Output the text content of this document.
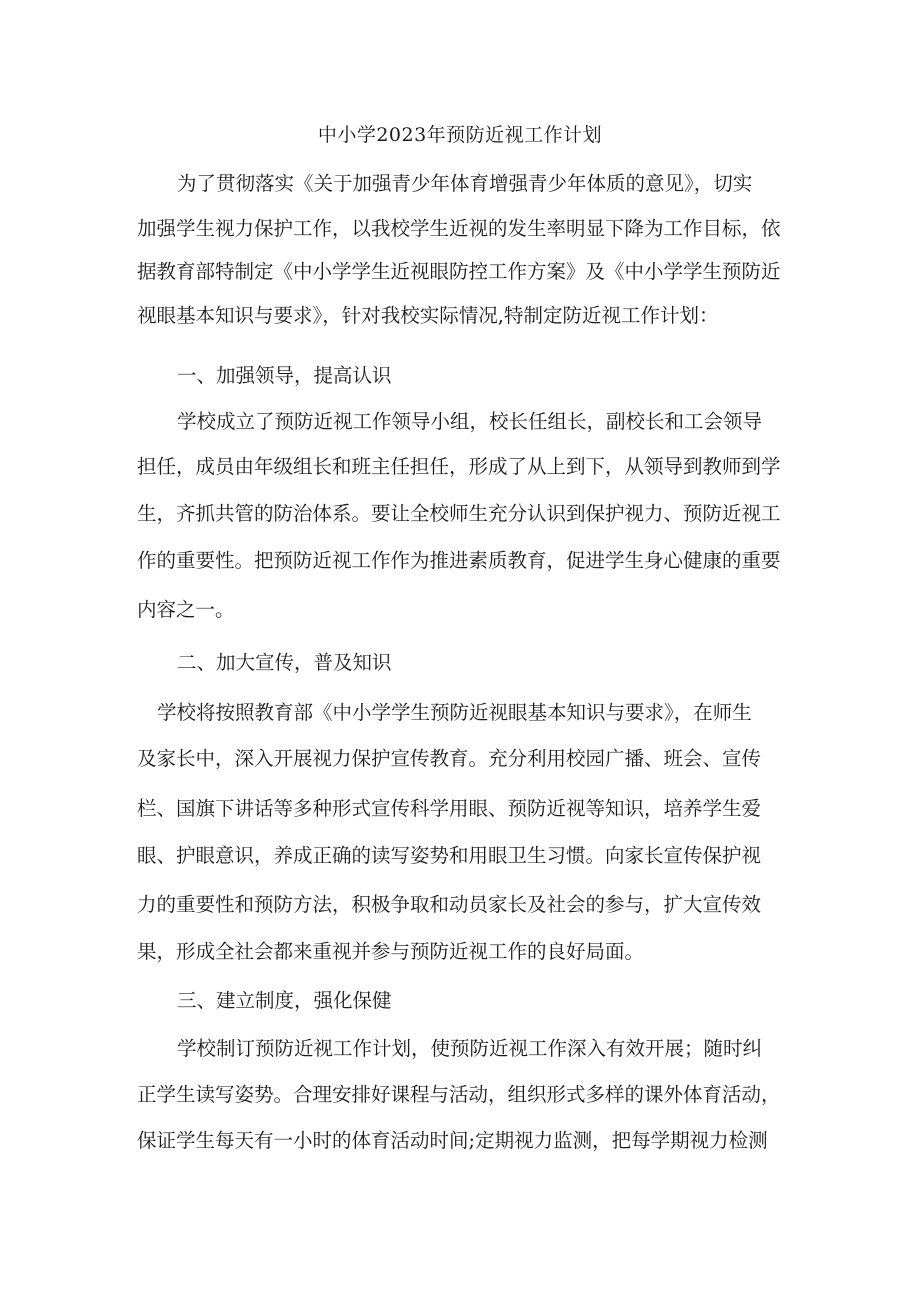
中小学2023年预防近视工作计划
为了贯彻落实《关于加强青少年体育增强青少年体质的意见》，切实
加强学生视力保护工作，以我校学生近视的发生率明显下降为工作目标，依
据教育部特制定《中小学学生近视眼防控工作方案》及《中小学学生预防近
视眼基本知识与要求》，针对我校实际情况,特制定防近视工作计划：
一、加强领导，提高认识
学校成立了预防近视工作领导小组，校长任组长，副校长和工会领导
担任，成员由年级组长和班主任担任，形成了从上到下，从领导到教师到学
生，齐抓共管的防治体系。要让全校师生充分认识到保护视力、预防近视工
作的重要性。把预防近视工作作为推进素质教育，促进学生身心健康的重要
内容之一。
二、加大宣传，普及知识
学校将按照教育部《中小学学生预防近视眼基本知识与要求》，在师生
及家长中，深入开展视力保护宣传教育。充分利用校园广播、班会、宣传
栏、国旗下讲话等多种形式宣传科学用眼、预防近视等知识，培养学生爱
眼、护眼意识，养成正确的读写姿势和用眼卫生习惯。向家长宣传保护视
力的重要性和预防方法，积极争取和动员家长及社会的参与，扩大宣传效
果，形成全社会都来重视并参与预防近视工作的良好局面。
三、建立制度，强化保健
学校制订预防近视工作计划，使预防近视工作深入有效开展；随时纠
正学生读写姿势。合理安排好课程与活动，组织形式多样的课外体育活动，
保证学生每天有一小时的体育活动时间;定期视力监测，把每学期视力检测
